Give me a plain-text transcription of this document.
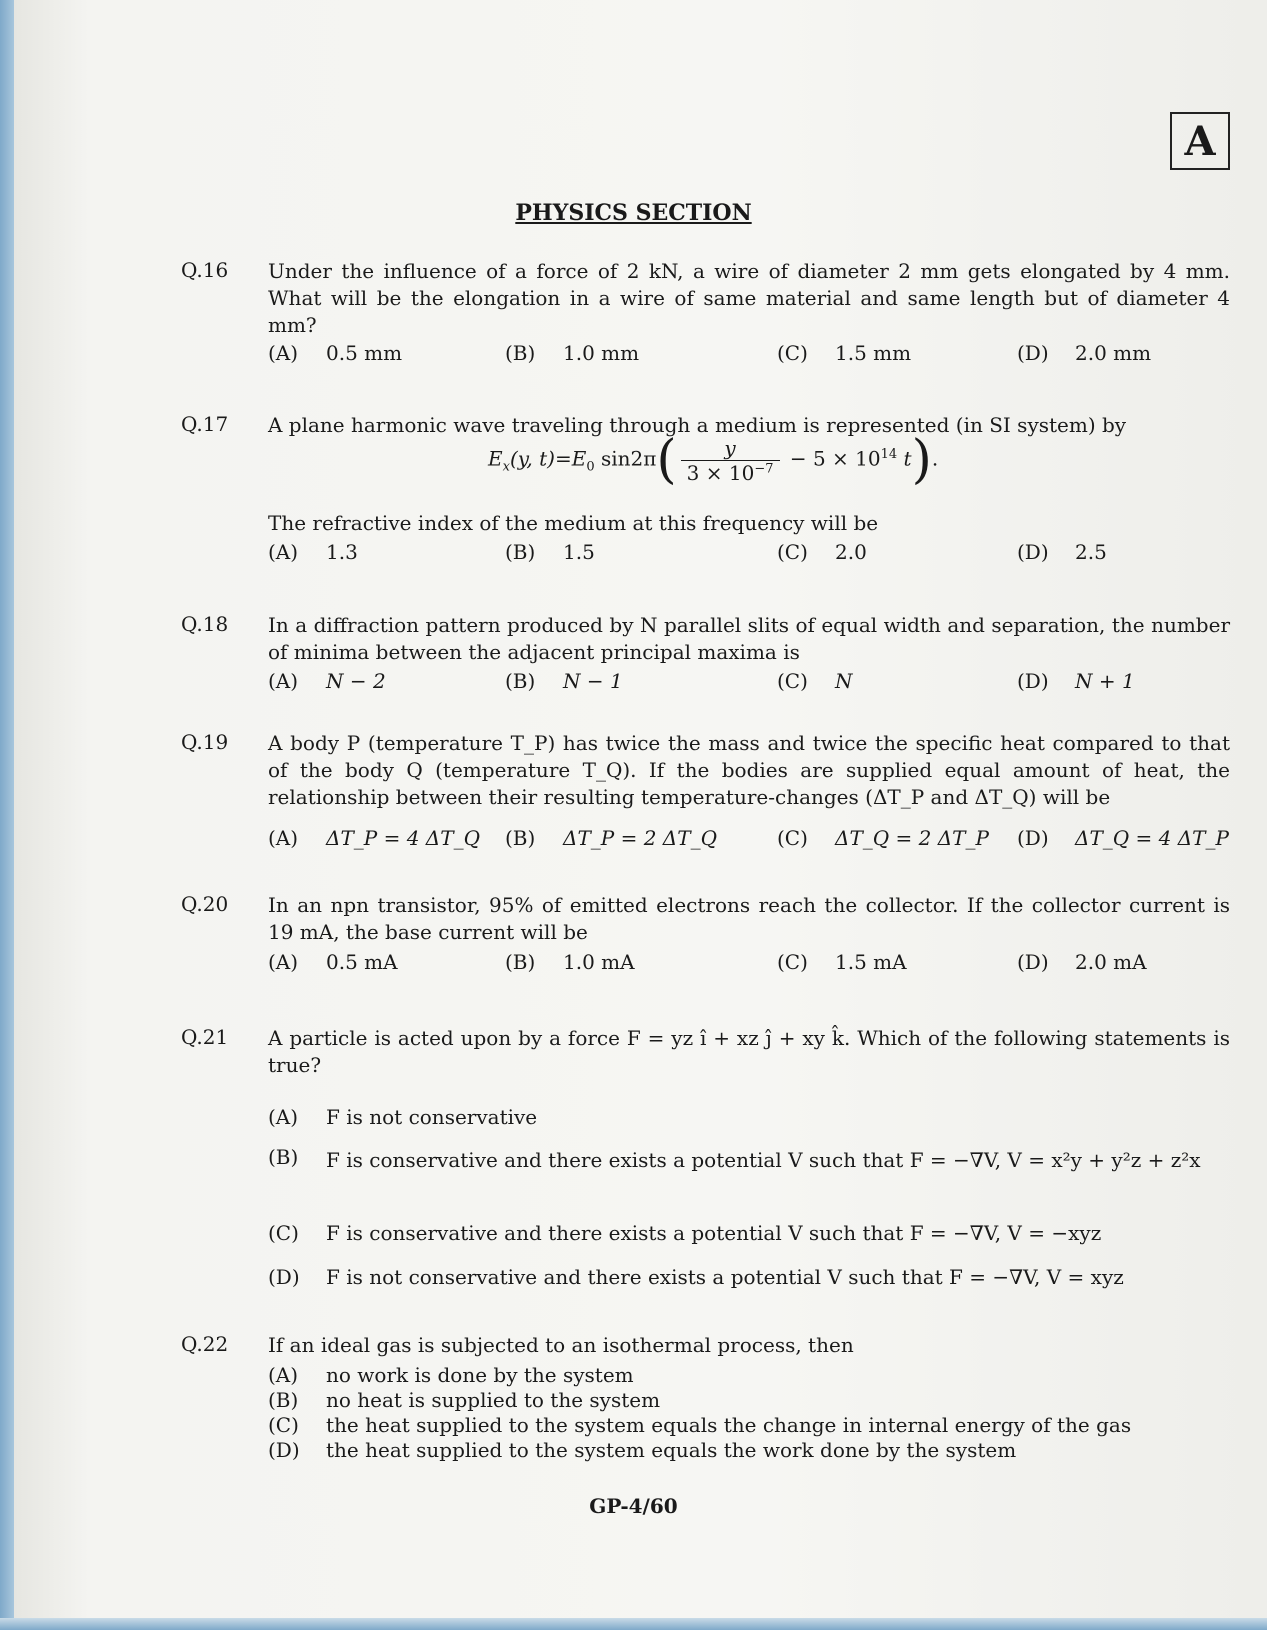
A
PHYSICS SECTION
Q.16 Under the influence of a force of 2 kN, a wire of diameter 2 mm gets elongated by 4 mm. What will be the elongation in a wire of same material and same length but of diameter 4 mm?
(A) 0.5 mm	(B) 1.0 mm	(C) 1.5 mm	(D) 2.0 mm
Q.17 A plane harmonic wave traveling through a medium is represented (in SI system) by
$E_x(y$, $t)=E_0$ $\sin 2\pi( \frac{y}{3 \times 10^{-7}} - 5 \times 10^{14}$ t).
The refractive index of the medium at this frequency will be
(A) 1.3	(B) 1.5	(C) 2.0	(D) 2.5
Q.18 In a diffraction pattern produced by N parallel slits of equal width and separation, the number of minima between the adjacent principal maxima is
(A) N − 2	(B) N − 1	(C) N	(D) N + 1
Q.19 A body P (temperature T_P) has twice the mass and twice the specific heat compared to that of the body Q (temperature T_Q). If the bodies are supplied equal amount of heat, the relationship between their resulting temperature-changes (ΔT_P and ΔT_Q) will be
(A) ΔT_P = 4 ΔT_Q (B) ΔT_P = 2 ΔT_Q	(C) ΔT_Q = 2 ΔT_P (D) ΔT_Q = 4 ΔT_P
Q.20 In an npn transistor, 95% of emitted electrons reach the collector. If the collector current is 19 mA, the base current will be
(A) 0.5 mA	(B) 1.0 mA	(C) 1.5 mA	(D) 2.0 mA
Q.21 A particle is acted upon by a force F = yz î + xz ĵ + xy k̂. Which of the following statements is true?
(A) F is not conservative
(B)	F is conservative and there exists a potential V such that F = −∇V, V = x²y + y²z + z²x
(C) F is conservative and there exists a potential V such that F = −∇V, V = −xyz
(D) F is not conservative and there exists a potential V such that F = −∇V, V = xyz
Q.22 If an ideal gas is subjected to an isothermal process, then
(A) no work is done by the system
(B) no heat is supplied to the system
(C) the heat supplied to the system equals the change in internal energy of the gas
(D) the heat supplied to the system equals the work done by the system
GP-4/60
